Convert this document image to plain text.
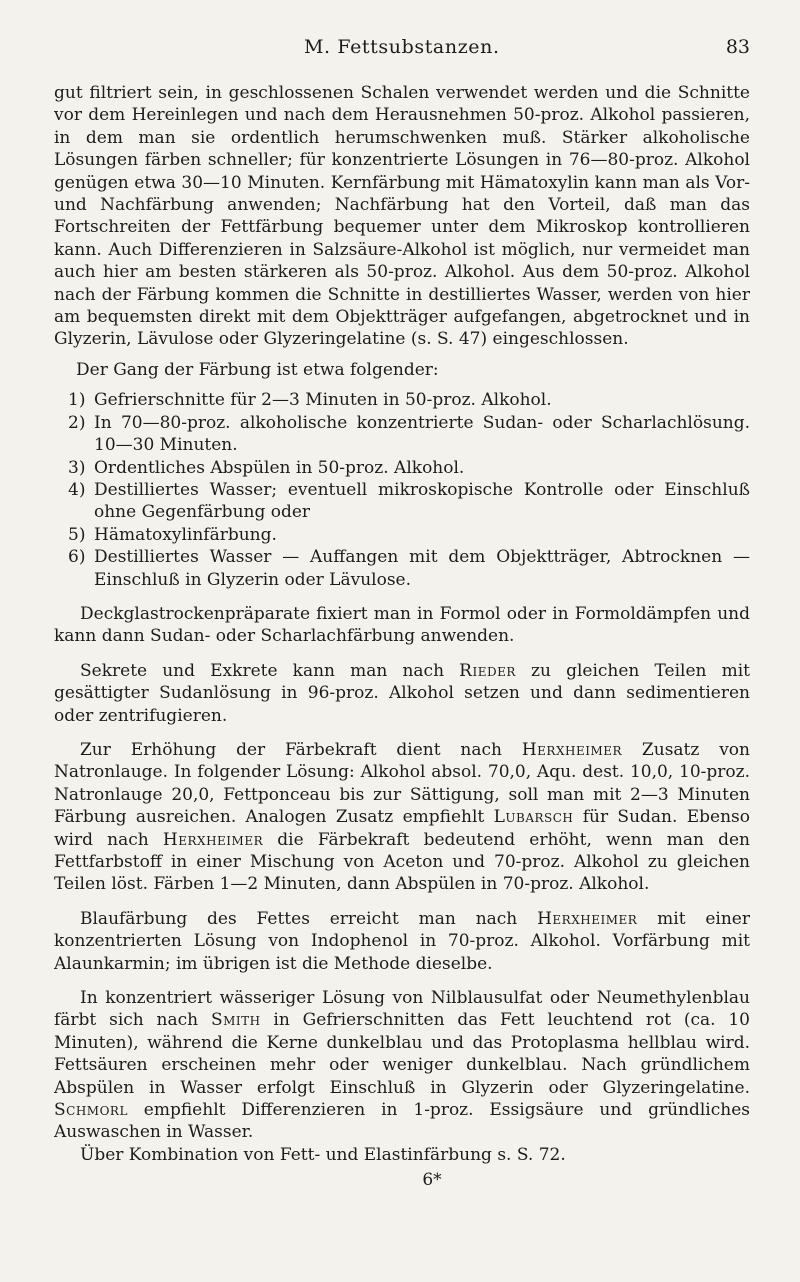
M. Fettsubstanzen.	83

gut filtriert sein, in geschlossenen Schalen verwendet werden und die Schnitte vor dem Hereinlegen und nach dem Herausnehmen 50-proz. Alkohol passieren, in dem man sie ordentlich herumschwenken muß. Stärker alkoholische Lösungen färben schneller; für konzentrierte Lösungen in 76—80-proz. Alkohol genügen etwa 30—10 Minuten. Kernfärbung mit Hämatoxylin kann man als Vor- und Nachfärbung anwenden; Nachfärbung hat den Vorteil, daß man das Fortschreiten der Fettfärbung bequemer unter dem Mikroskop kontrollieren kann. Auch Differenzieren in Salzsäure-Alkohol ist möglich, nur vermeidet man auch hier am besten stärkeren als 50-proz. Alkohol. Aus dem 50-proz. Alkohol nach der Färbung kommen die Schnitte in destilliertes Wasser, werden von hier am bequemsten direkt mit dem Objektträger aufgefangen, abgetrocknet und in Glyzerin, Lävulose oder Glyzeringelatine (s. S. 47) eingeschlossen.

Der Gang der Färbung ist etwa folgender:

1) Gefrierschnitte für 2—3 Minuten in 50-proz. Alkohol.
2) In 70—80-proz. alkoholische konzentrierte Sudan- oder Scharlachlösung. 10—30 Minuten.
3) Ordentliches Abspülen in 50-proz. Alkohol.
4) Destilliertes Wasser; eventuell mikroskopische Kontrolle oder Einschluß ohne Gegenfärbung oder
5) Hämatoxylinfärbung.
6) Destilliertes Wasser — Auffangen mit dem Objektträger, Abtrocknen — Einschluß in Glyzerin oder Lävulose.

Deckglastrockenpräparate fixiert man in Formol oder in Formoldämpfen und kann dann Sudan- oder Scharlachfärbung anwenden.

Sekrete und Exkrete kann man nach Rieder zu gleichen Teilen mit gesättigter Sudanlösung in 96-proz. Alkohol setzen und dann sedimentieren oder zentrifugieren.

Zur Erhöhung der Färbekraft dient nach Herxheimer Zusatz von Natronlauge. In folgender Lösung: Alkohol absol. 70,0, Aqu. dest. 10,0, 10-proz. Natronlauge 20,0, Fettponceau bis zur Sättigung, soll man mit 2—3 Minuten Färbung ausreichen. Analogen Zusatz empfiehlt Lubarsch für Sudan. Ebenso wird nach Herxheimer die Färbekraft bedeutend erhöht, wenn man den Fettfarbstoff in einer Mischung von Aceton und 70-proz. Alkohol zu gleichen Teilen löst. Färben 1—2 Minuten, dann Abspülen in 70-proz. Alkohol.

Blaufärbung des Fettes erreicht man nach Herxheimer mit einer konzentrierten Lösung von Indophenol in 70-proz. Alkohol. Vorfärbung mit Alaunkarmin; im übrigen ist die Methode dieselbe.

In konzentriert wässeriger Lösung von Nilblausulfat oder Neumethylenblau färbt sich nach Smith in Gefrierschnitten das Fett leuchtend rot (ca. 10 Minuten), während die Kerne dunkelblau und das Protoplasma hellblau wird. Fettsäuren erscheinen mehr oder weniger dunkelblau. Nach gründlichem Abspülen in Wasser erfolgt Einschluß in Glyzerin oder Glyzeringelatine. Schmorl empfiehlt Differenzieren in 1-proz. Essigsäure und gründliches Auswaschen in Wasser.

Über Kombination von Fett- und Elastinfärbung s. S. 72.

6*
